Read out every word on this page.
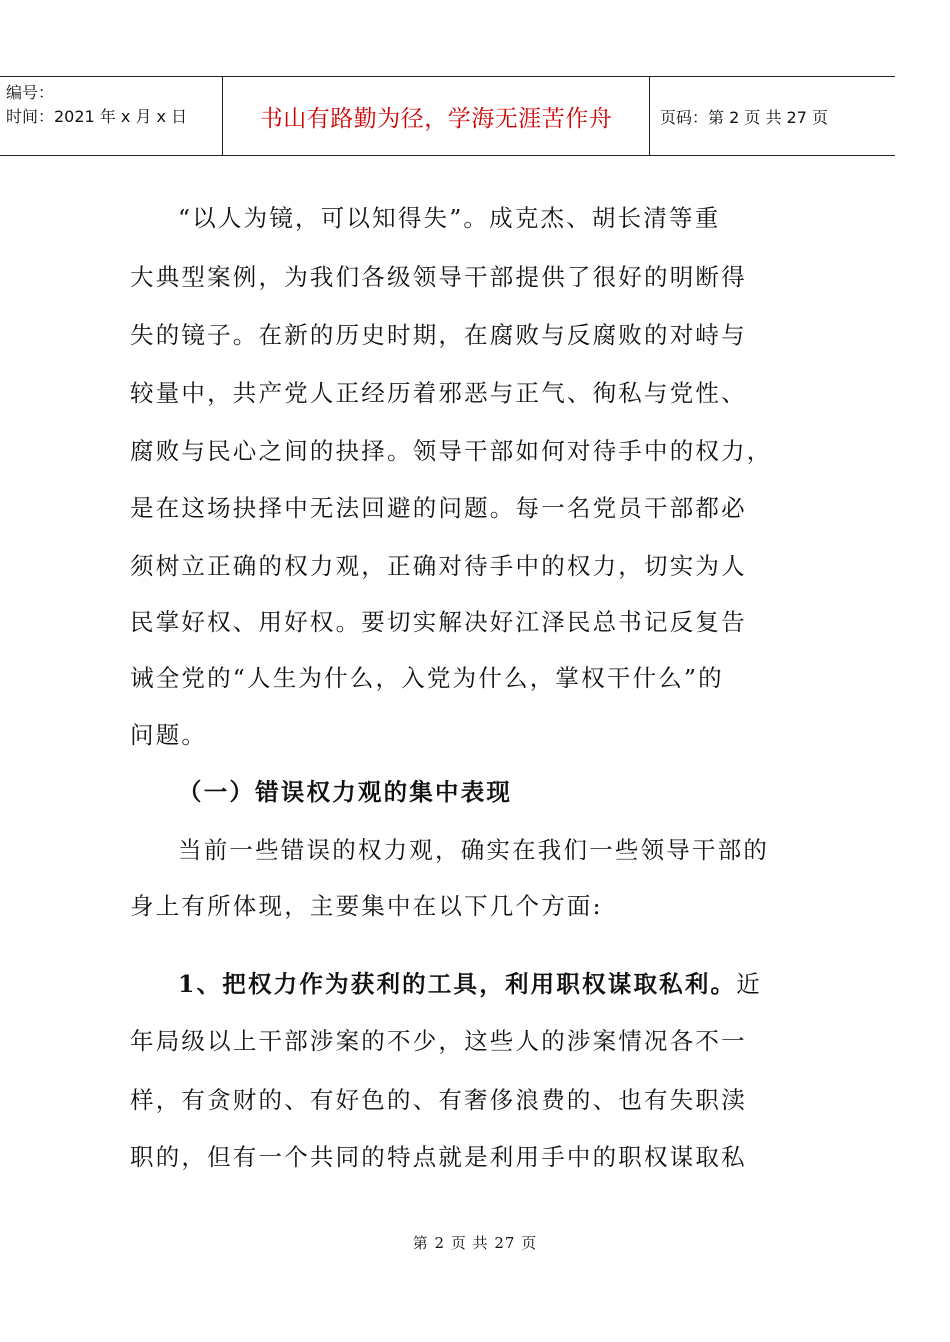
编号：
时间：2021 年 x 月 x 日	书山有路勤为径，学海无涯苦作舟	页码：第 2 页 共 27 页
“以人为镜，可以知得失”。成克杰、胡长清等重
大典型案例，为我们各级领导干部提供了很好的明断得
失的镜子。在新的历史时期，在腐败与反腐败的对峙与
较量中，共产党人正经历着邪恶与正气、徇私与党性、
腐败与民心之间的抉择。领导干部如何对待手中的权力，
是在这场抉择中无法回避的问题。每一名党员干部都必
须树立正确的权力观，正确对待手中的权力，切实为人
民掌好权、用好权。要切实解决好江泽民总书记反复告
诫全党的“人生为什么，入党为什么，掌权干什么”的
问题。
（一）错误权力观的集中表现
当前一些错误的权力观，确实在我们一些领导干部的
身上有所体现，主要集中在以下几个方面:
1、把权力作为获利的工具，利用职权谋取私利。近
年局级以上干部涉案的不少，这些人的涉案情况各不一
样，有贪财的、有好色的、有奢侈浪费的、也有失职渎
职的，但有一个共同的特点就是利用手中的职权谋取私
第 2 页 共 27 页
